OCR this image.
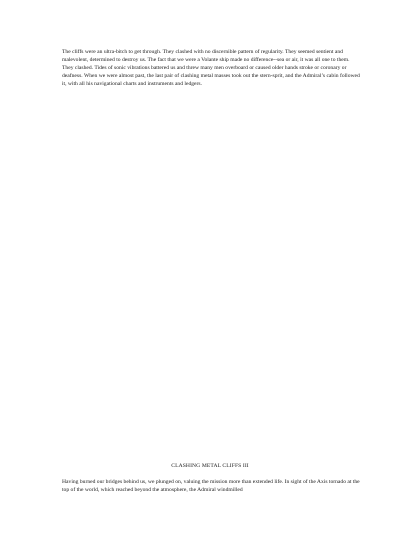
The cliffs were an ultra-bitch to get through. They clashed with no discernible pattern of regularity. They seemed sentient and malevolent, determined to destroy us. The fact that we were a Volante ship made no difference--sea or air, it was all one to them. They clashed. Tides of sonic vibrations battered us and threw many men overboard or caused older hands stroke or coronary or deafness. When we were almost past, the last pair of clashing metal masses took out the stern-sprit, and the Admiral’s cabin followed it, with all his navigational charts and instruments and ledgers.

CLASHING METAL CLIFFS III

Having burned our bridges behind us, we plunged on, valuing the mission more than extended life. In sight of the Axis tornado at the top of the world, which reached beyond the atmosphere, the Admiral windmilled
